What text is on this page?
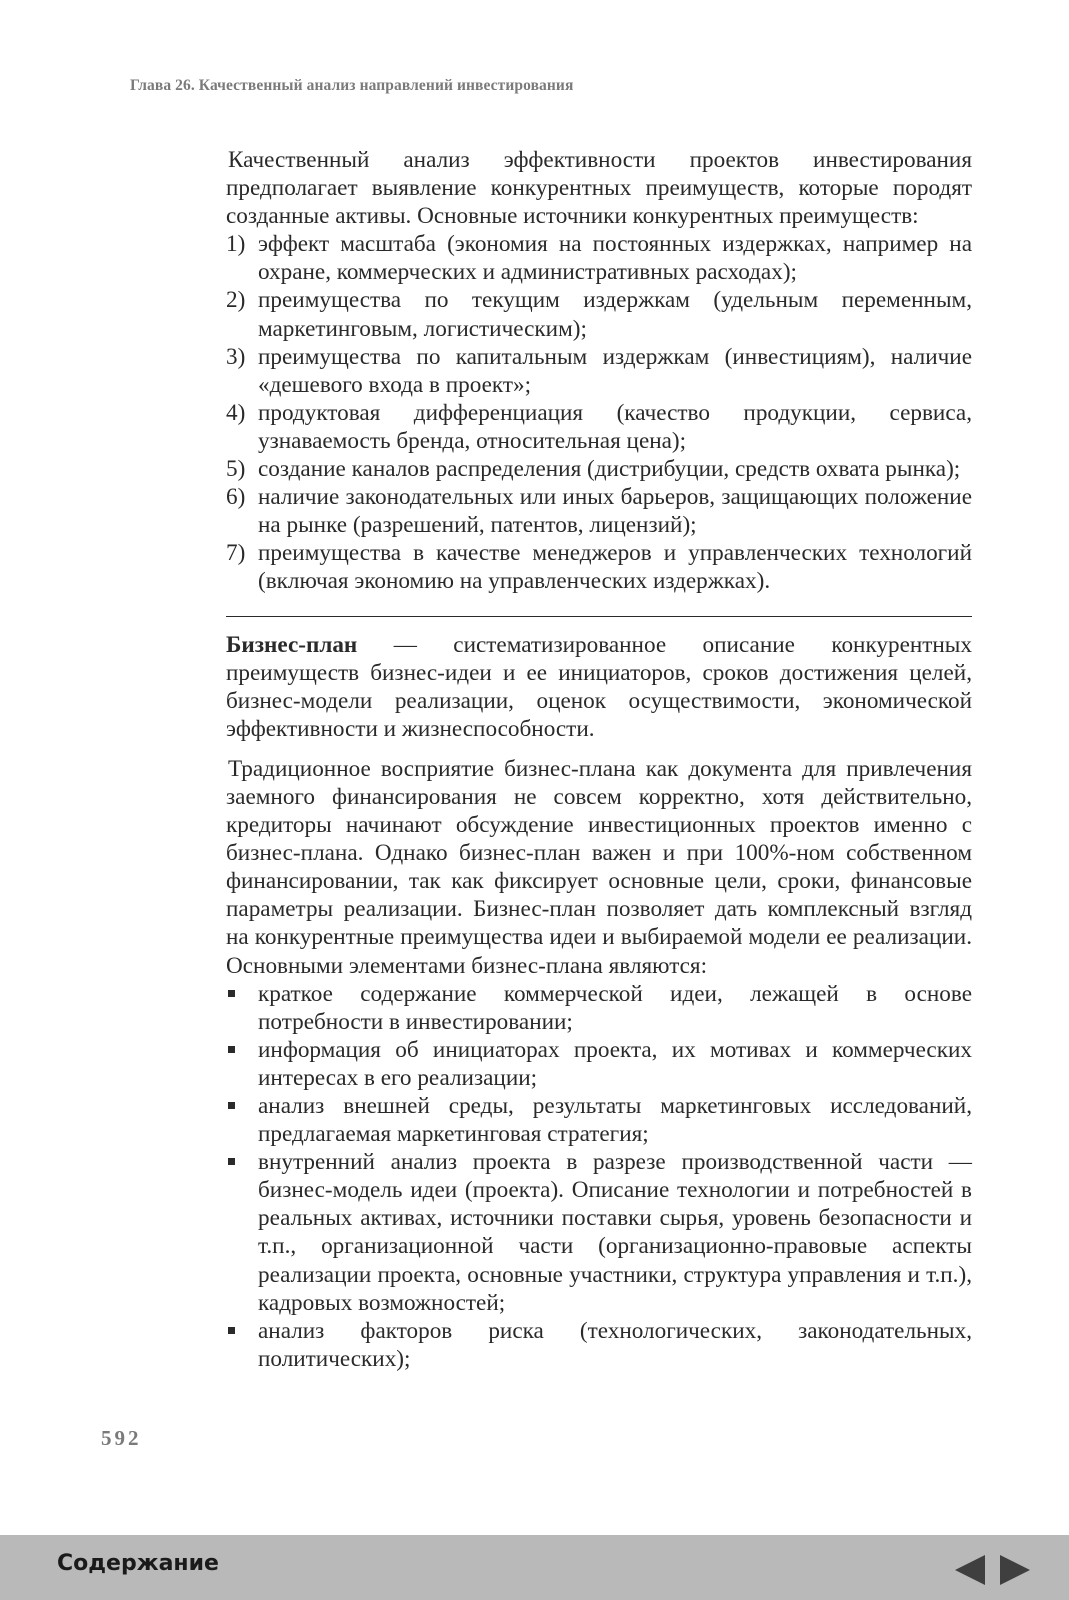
Глава 26. Качественный анализ направлений инвестирования

Качественный анализ эффективности проектов инвестирования предполагает выявление конкурентных преимуществ, которые породят созданные активы. Основные источники конкурентных преимуществ:

1) эффект масштаба (экономия на постоянных издержках, например на охране, коммерческих и административных расходах);
2) преимущества по текущим издержкам (удельным переменным, маркетинговым, логистическим);
3) преимущества по капитальным издержкам (инвестициям), наличие «дешевого входа в проект»;
4) продуктовая дифференциация (качество продукции, сервиса, узнаваемость бренда, относительная цена);
5) создание каналов распределения (дистрибуции, средств охвата рынка);
6) наличие законодательных или иных барьеров, защищающих положение на рынке (разрешений, патентов, лицензий);
7) преимущества в качестве менеджеров и управленческих технологий (включая экономию на управленческих издержках).

Бизнес-план — систематизированное описание конкурентных преимуществ бизнес-идеи и ее инициаторов, сроков достижения целей, бизнес-модели реализации, оценок осуществимости, экономической эффективности и жизнеспособности.

Традиционное восприятие бизнес-плана как документа для привлечения заемного финансирования не совсем корректно, хотя действительно, кредиторы начинают обсуждение инвестиционных проектов именно с бизнес-плана. Однако бизнес-план важен и при 100%-ном собственном финансировании, так как фиксирует основные цели, сроки, финансовые параметры реализации. Бизнес-план позволяет дать комплексный взгляд на конкурентные преимущества идеи и выбираемой модели ее реализации. Основными элементами бизнес-плана являются:

краткое содержание коммерческой идеи, лежащей в основе потребности в инвестировании;
информация об инициаторах проекта, их мотивах и коммерческих интересах в его реализации;
анализ внешней среды, результаты маркетинговых исследований, предлагаемая маркетинговая стратегия;
внутренний анализ проекта в разрезе производственной части — бизнес-модель идеи (проекта). Описание технологии и потребностей в реальных активах, источники поставки сырья, уровень безопасности и т.п., организационной части (организационно-правовые аспекты реализации проекта, основные участники, структура управления и т.п.), кадровых возможностей;
анализ факторов риска (технологических, законодательных, политических);
592
Содержание
